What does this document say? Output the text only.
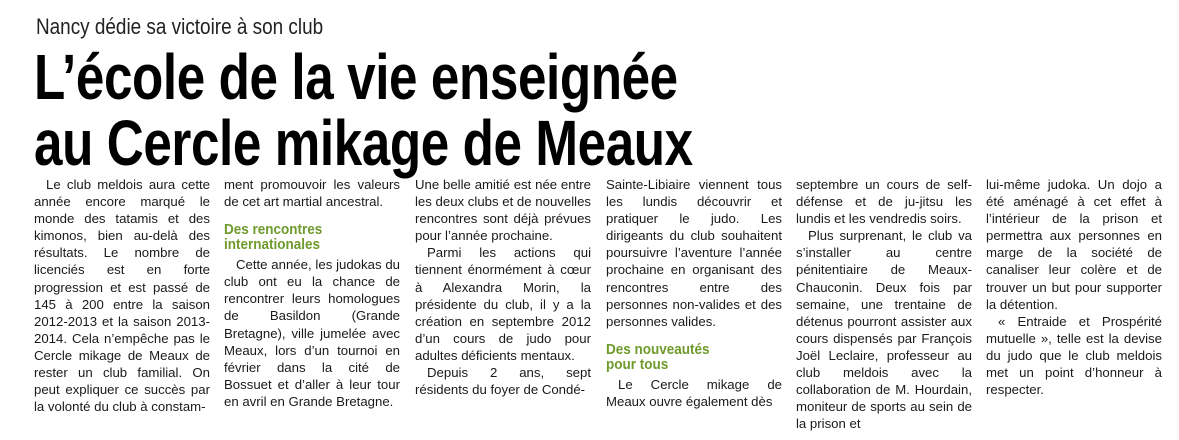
Nancy dédie sa victoire à son club
L’école de la vie enseignée
au Cercle mikage de Meaux

Le club meldois aura cette année encore marqué le monde des tatamis et des kimonos, bien au-delà des résultats. Le nombre de licenciés est en forte progression et est passé de 145 à 200 entre la saison 2012-2013 et la saison 2013-2014. Cela n’empêche pas le Cercle mikage de Meaux de rester un club familial. On peut expliquer ce succès par la volonté du club à constam-

ment promouvoir les valeurs de cet art martial ancestral.

Des rencontres
internationales

Cette année, les judokas du club ont eu la chance de rencontrer leurs homologues de Basildon (Grande Bretagne), ville jumelée avec Meaux, lors d’un tournoi en février dans la cité de Bossuet et d’aller à leur tour en avril en Grande Bretagne.

Une belle amitié est née entre les deux clubs et de nouvelles rencontres sont déjà prévues pour l’année prochaine.

Parmi les actions qui tiennent énormément à cœur à Alexandra Morin, la présidente du club, il y a la création en septembre 2012 d’un cours de judo pour adultes déficients mentaux.

Depuis 2 ans, sept résidents du foyer de Condé-

Sainte-Libiaire viennent tous les lundis découvrir et pratiquer le judo. Les dirigeants du club souhaitent poursuivre l’aventure l’année prochaine en organisant des rencontres entre des personnes non-valides et des personnes valides.

Des nouveautés
pour tous

Le Cercle mikage de Meaux ouvre également dès

septembre un cours de self-défense et de ju-jitsu les lundis et les vendredis soirs.

Plus surprenant, le club va s’installer au centre pénitentiaire de Meaux-Chauconin. Deux fois par semaine, une trentaine de détenus pourront assister aux cours dispensés par François Joël Leclaire, professeur au club meldois avec la collaboration de M. Hourdain, moniteur de sports au sein de la prison et

lui-même judoka. Un dojo a été aménagé à cet effet à l’intérieur de la prison et permettra aux personnes en marge de la société de canaliser leur colère et de trouver un but pour supporter la détention.

« Entraide et Prospérité mutuelle », telle est la devise du judo que le club meldois met un point d’honneur à respecter.
